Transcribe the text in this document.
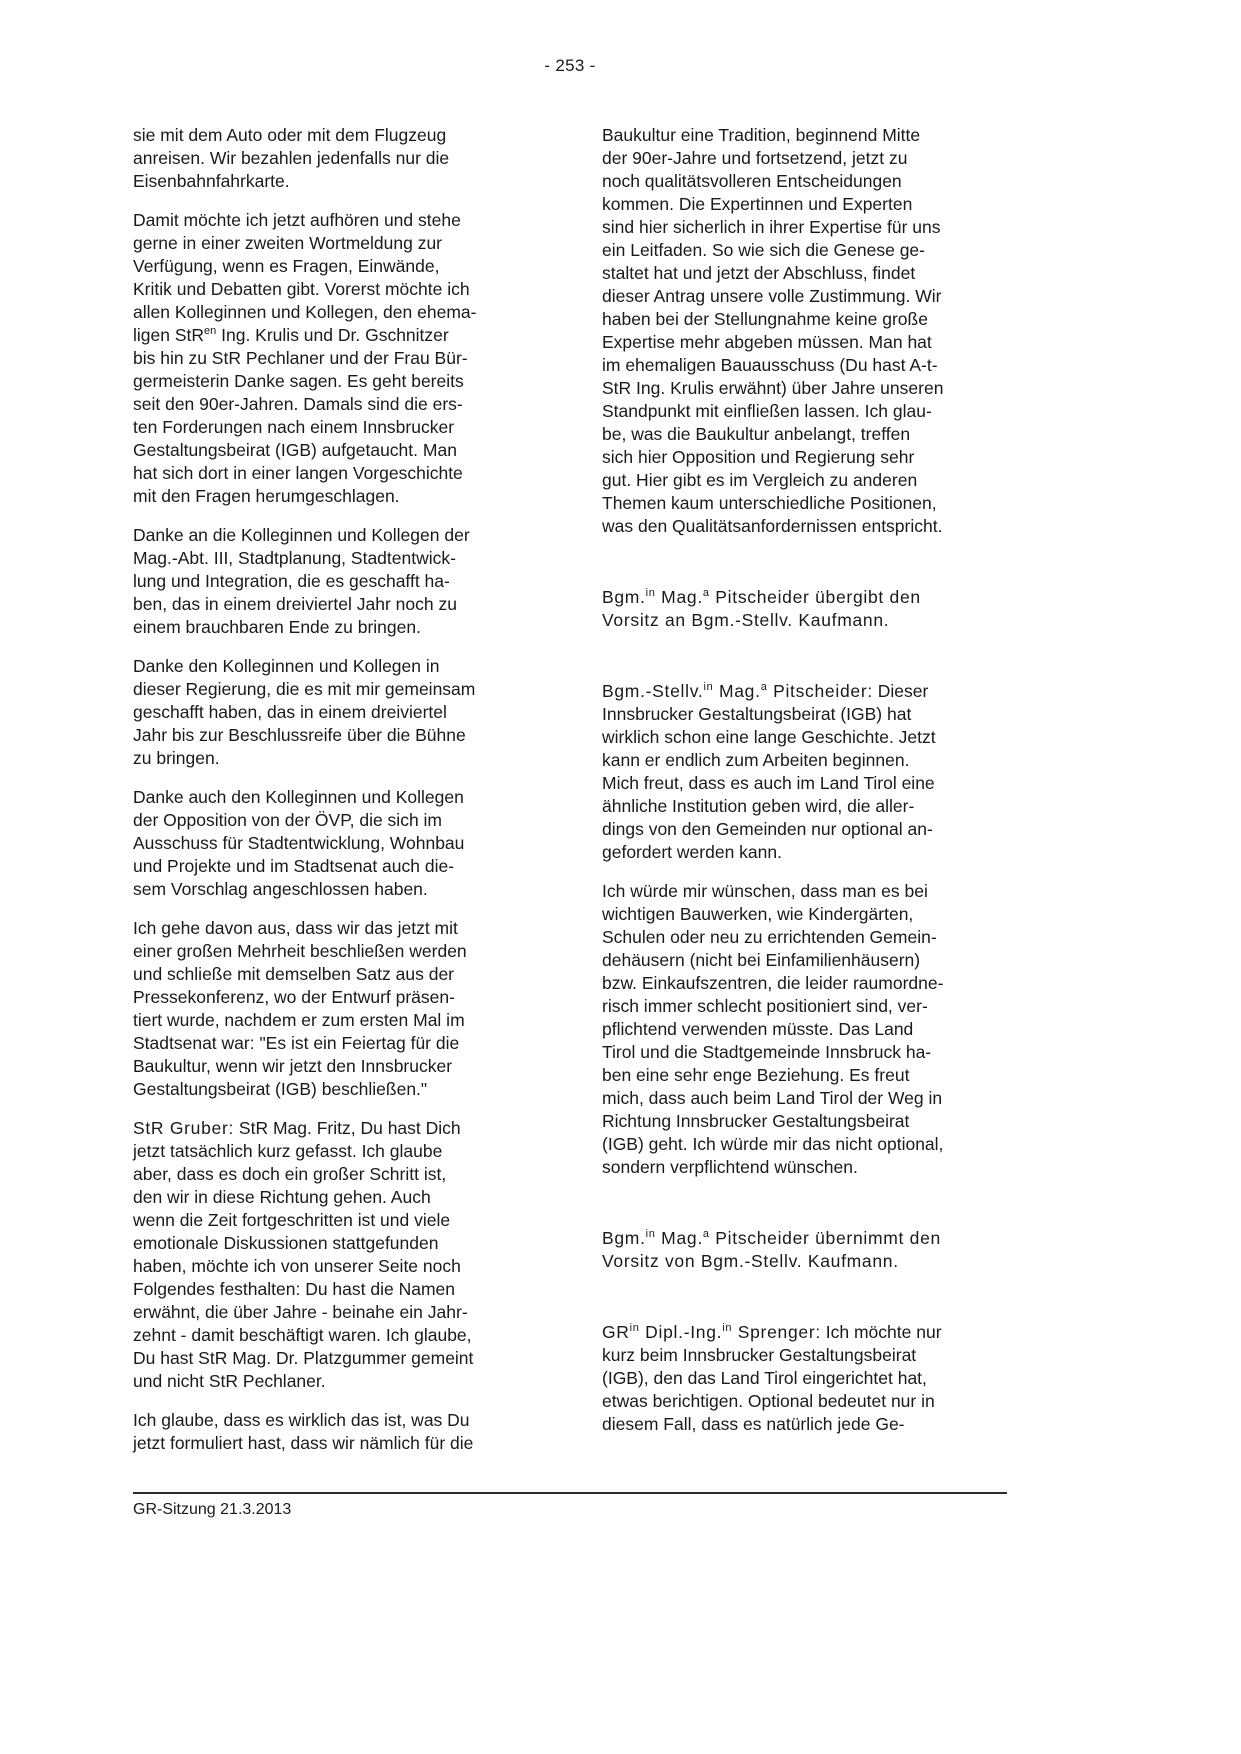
- 253 -

sie mit dem Auto oder mit dem Flugzeug
anreisen. Wir bezahlen jedenfalls nur die
Eisenbahnfahrkarte.

Damit möchte ich jetzt aufhören und stehe
gerne in einer zweiten Wortmeldung zur
Verfügung, wenn es Fragen, Einwände,
Kritik und Debatten gibt. Vorerst möchte ich
allen Kolleginnen und Kollegen, den ehema-
ligen StR$^{en}$ Ing. Krulis und Dr. Gschnitzer
bis hin zu StR Pechlaner und der Frau Bür-
germeisterin Danke sagen. Es geht bereits
seit den 90er-Jahren. Damals sind die ers-
ten Forderungen nach einem Innsbrucker
Gestaltungsbeirat (IGB) aufgetaucht. Man
hat sich dort in einer langen Vorgeschichte
mit den Fragen herumgeschlagen.

Danke an die Kolleginnen und Kollegen der
Mag.-Abt. III, Stadtplanung, Stadtentwick-
lung und Integration, die es geschafft ha-
ben, das in einem dreiviertel Jahr noch zu
einem brauchbaren Ende zu bringen.

Danke den Kolleginnen und Kollegen in
dieser Regierung, die es mit mir gemeinsam
geschafft haben, das in einem dreiviertel
Jahr bis zur Beschlussreife über die Bühne
zu bringen.

Danke auch den Kolleginnen und Kollegen
der Opposition von der ÖVP, die sich im
Ausschuss für Stadtentwicklung, Wohnbau
und Projekte und im Stadtsenat auch die-
sem Vorschlag angeschlossen haben.

Ich gehe davon aus, dass wir das jetzt mit
einer großen Mehrheit beschließen werden
und schließe mit demselben Satz aus der
Pressekonferenz, wo der Entwurf präsen-
tiert wurde, nachdem er zum ersten Mal im
Stadtsenat war: "Es ist ein Feiertag für die
Baukultur, wenn wir jetzt den Innsbrucker
Gestaltungsbeirat (IGB) beschließen."

StR Gruber: StR Mag. Fritz, Du hast Dich
jetzt tatsächlich kurz gefasst. Ich glaube
aber, dass es doch ein großer Schritt ist,
den wir in diese Richtung gehen. Auch
wenn die Zeit fortgeschritten ist und viele
emotionale Diskussionen stattgefunden
haben, möchte ich von unserer Seite noch
Folgendes festhalten: Du hast die Namen
erwähnt, die über Jahre - beinahe ein Jahr-
zehnt - damit beschäftigt waren. Ich glaube,
Du hast StR Mag. Dr. Platzgummer gemeint
und nicht StR Pechlaner.

Ich glaube, dass es wirklich das ist, was Du
jetzt formuliert hast, dass wir nämlich für die

Baukultur eine Tradition, beginnend Mitte
der 90er-Jahre und fortsetzend, jetzt zu
noch qualitätsvolleren Entscheidungen
kommen. Die Expertinnen und Experten
sind hier sicherlich in ihrer Expertise für uns
ein Leitfaden. So wie sich die Genese ge-
staltet hat und jetzt der Abschluss, findet
dieser Antrag unsere volle Zustimmung. Wir
haben bei der Stellungnahme keine große
Expertise mehr abgeben müssen. Man hat
im ehemaligen Bauausschuss (Du hast A-t-
StR Ing. Krulis erwähnt) über Jahre unseren
Standpunkt mit einfließen lassen. Ich glau-
be, was die Baukultur anbelangt, treffen
sich hier Opposition und Regierung sehr
gut. Hier gibt es im Vergleich zu anderen
Themen kaum unterschiedliche Positionen,
was den Qualitätsanfordernissen entspricht.

Bgm.$^{in}$ Mag.$^a$ Pitscheider übergibt den
Vorsitz an Bgm.-Stellv. Kaufmann.

Bgm.-Stellv.$^{in}$ Mag.$^a$ Pitscheider: Dieser
Innsbrucker Gestaltungsbeirat (IGB) hat
wirklich schon eine lange Geschichte. Jetzt
kann er endlich zum Arbeiten beginnen.
Mich freut, dass es auch im Land Tirol eine
ähnliche Institution geben wird, die aller-
dings von den Gemeinden nur optional an-
gefordert werden kann.

Ich würde mir wünschen, dass man es bei
wichtigen Bauwerken, wie Kindergärten,
Schulen oder neu zu errichtenden Gemein-
dehäusern (nicht bei Einfamilienhäusern)
bzw. Einkaufszentren, die leider raumordne-
risch immer schlecht positioniert sind, ver-
pflichtend verwenden müsste. Das Land
Tirol und die Stadtgemeinde Innsbruck ha-
ben eine sehr enge Beziehung. Es freut
mich, dass auch beim Land Tirol der Weg in
Richtung Innsbrucker Gestaltungsbeirat
(IGB) geht. Ich würde mir das nicht optional,
sondern verpflichtend wünschen.

Bgm.$^{in}$ Mag.$^a$ Pitscheider übernimmt den
Vorsitz von Bgm.-Stellv. Kaufmann.

$GR^{in}$ Dipl.-Ing.$^{in}$ Sprenger: Ich möchte nur
kurz beim Innsbrucker Gestaltungsbeirat
(IGB), den das Land Tirol eingerichtet hat,
etwas berichtigen. Optional bedeutet nur in
diesem Fall, dass es natürlich jede Ge-

GR-Sitzung 21.3.2013
